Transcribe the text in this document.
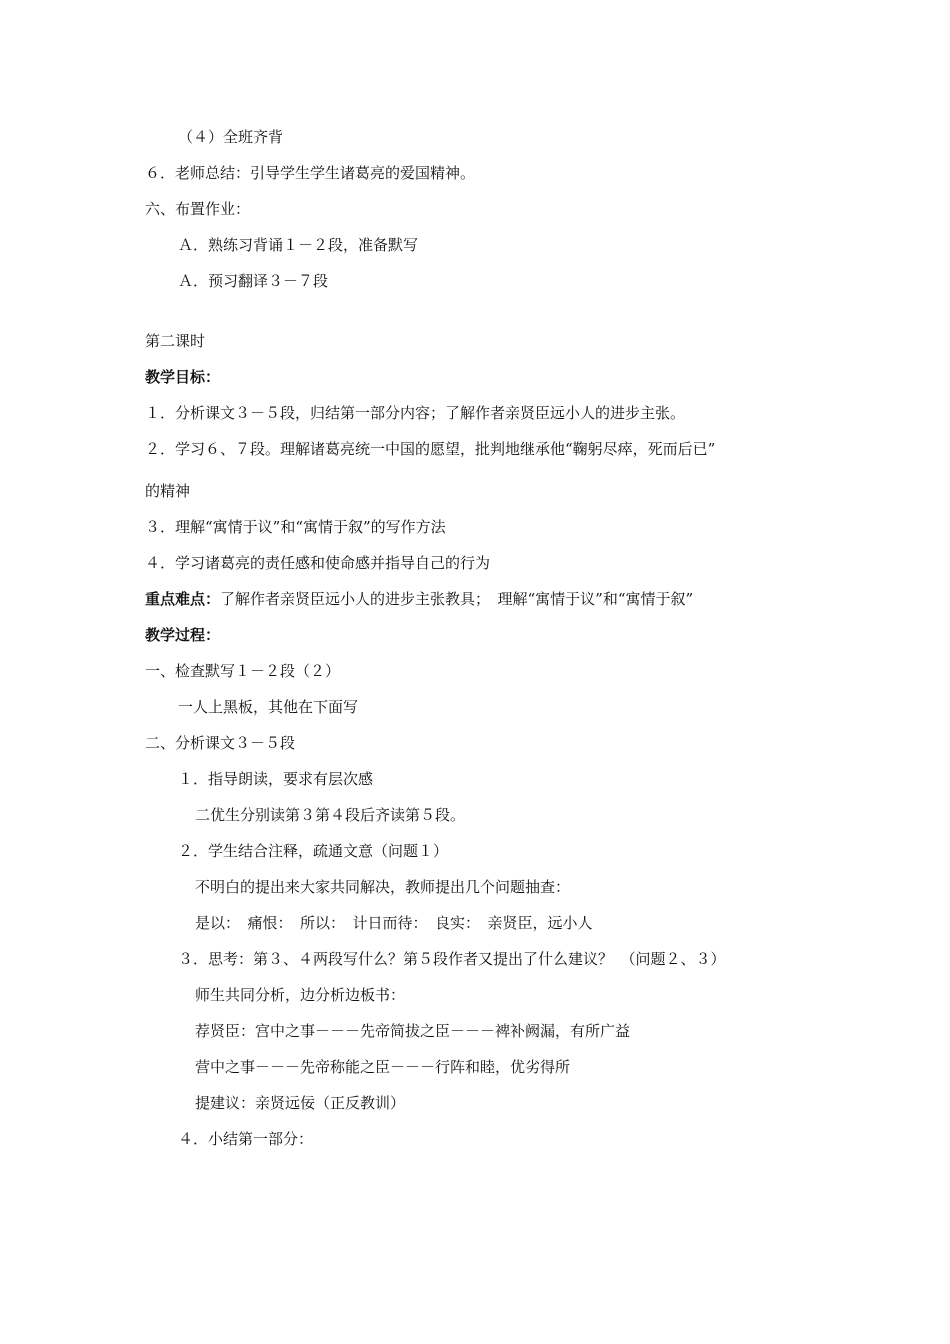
（４）全班齐背
６．老师总结：引导学生学生诸葛亮的爱国精神。
六、布置作业：
Ａ．熟练习背诵１－２段，准备默写
Ａ．预习翻译３－７段
第二课时
教学目标：
１．分析课文３－５段，归结第一部分内容；了解作者亲贤臣远小人的进步主张。
２．学习６、７段。理解诸葛亮统一中国的愿望，批判地继承他“鞠躬尽瘁，死而后已”
的精神
３．理解“寓情于议”和“寓情于叙”的写作方法
４．学习诸葛亮的责任感和使命感并指导自己的行为
重点难点：了解作者亲贤臣远小人的进步主张教具；　理解“寓情于议”和“寓情于叙”
教学过程：
一、检查默写１－２段（２）
一人上黑板，其他在下面写
二、分析课文３－５段
１．指导朗读，要求有层次感
二优生分别读第３第４段后齐读第５段。
２．学生结合注释，疏通文意（问题１）
不明白的提出来大家共同解决，教师提出几个问题抽查：
是以：　痛恨：　所以：　计日而待：　良实：　亲贤臣，远小人
３．思考：第３、４两段写什么？第５段作者又提出了什么建议？　（问题２、３）
师生共同分析，边分析边板书：
荐贤臣：宫中之事－－－先帝简拔之臣－－－裨补阙漏，有所广益
营中之事－－－先帝称能之臣－－－行阵和睦，优劣得所
提建议：亲贤远佞（正反教训）
４．小结第一部分：
